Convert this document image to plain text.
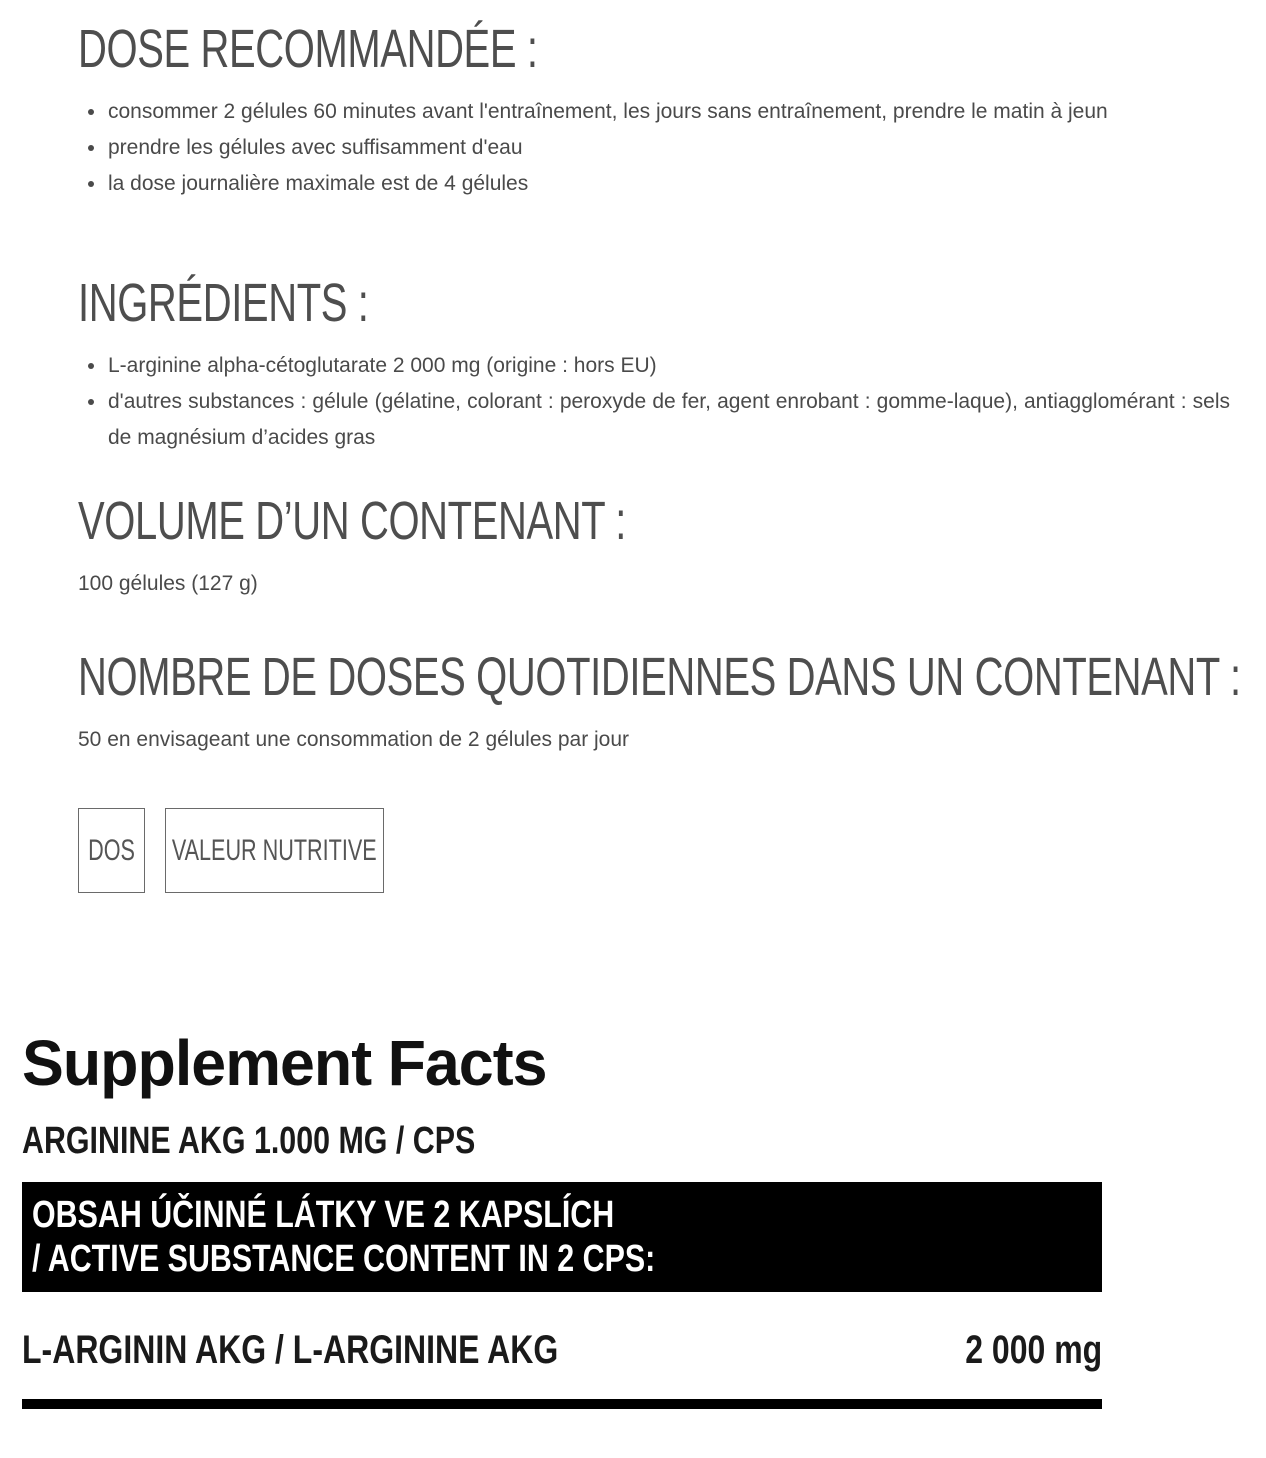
DOSE RECOMMANDÉE :
consommer 2 gélules 60 minutes avant l'entraînement, les jours sans entraînement, prendre le matin à jeun
prendre les gélules avec suffisamment d'eau
la dose journalière maximale est de 4 gélules
INGRÉDIENTS :
L-arginine alpha-cétoglutarate 2 000 mg (origine : hors EU)
d'autres substances : gélule (gélatine, colorant : peroxyde de fer, agent enrobant : gomme-laque), antiagglomérant : sels de magnésium d’acides gras
VOLUME D’UN CONTENANT :

100 gélules (127 g)

NOMBRE DE DOSES QUOTIDIENNES DANS UN CONTENANT :

50 en envisageant une consommation de 2 gélules par jour

DOS VALEUR NUTRITIVE
Supplement Facts
ARGININE AKG 1.000 MG / CPS
OBSAH ÚČINNÉ LÁTKY VE 2 KAPSLÍCH
/ ACTIVE SUBSTANCE CONTENT IN 2 CPS:
L-ARGININ AKG / L-ARGININE AKG	2 000 mg
